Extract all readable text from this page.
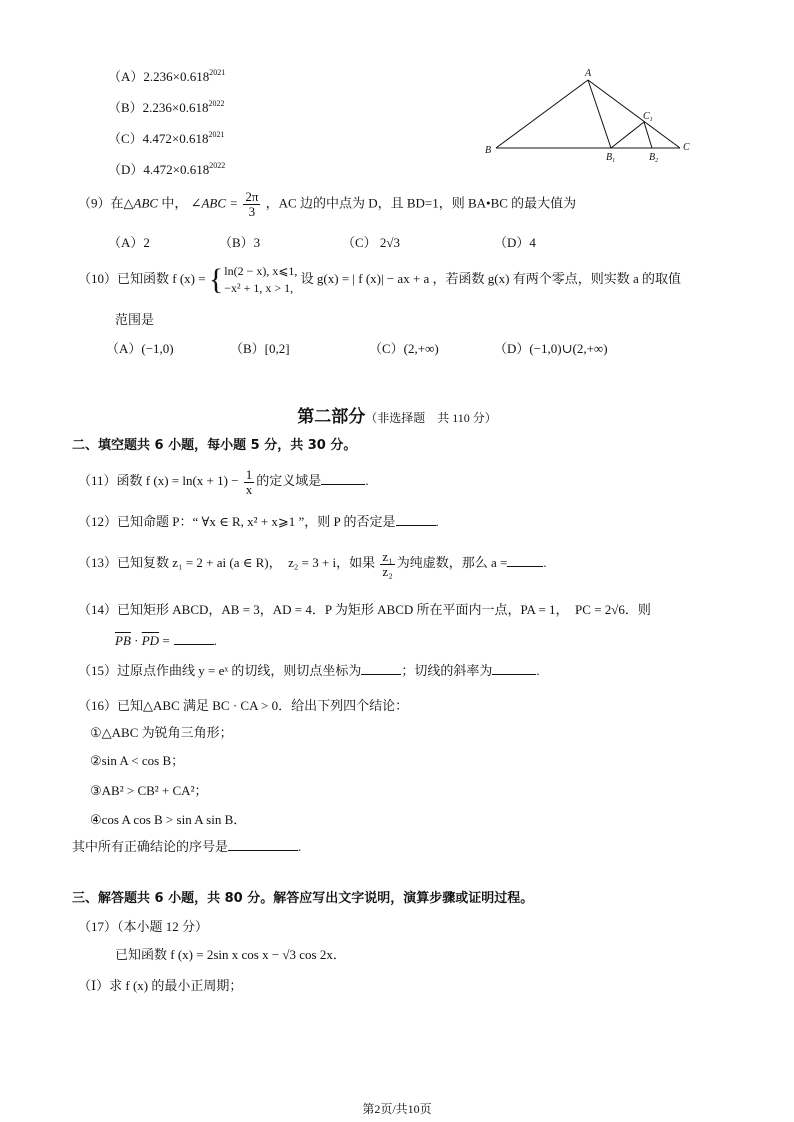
$(A)2.236\times 0.618^{2021}$
$(B)2.236\times 0.618^{2022}$
$(C)4.472\times 0.618^{2021}$
$(D)4.472\times 0.618^{2022}$
A
B	C
$C_1$
$B_1$	$B_2$
（9）在△ABC 中， ∠ABC = $\frac{2\pi}{3}$ ，AC 边的中点为 D，且 BD=1，则 BA•BC 的最大值为
（A）2	（B）3	（C） 2√3	（D）4
（10）已知函数 f (x) = { ln(2 − x), x⩽1,
−x² + 1, x > 1,
设 g(x) = | f (x)| − ax + a ，若函数 g(x) 有两个零点，则实数 a 的取值
范围是
（A）(−1,0)	（B）[0,2]	（C）(2,+∞)	（D）(−1,0)∪(2,+∞)
第二部分（非选择题　共 110 分）
二、填空题共 6 小题，每小题 5 分，共 30 分。
（11）函数 f $(x) = \ln(x + 1) - \frac{1}{x}$ 的定义域是	.
（12）已知命题 P：“ ∀x ∈ R, x² + x⩾1 ”，则 P 的否定是	.
（13）已知复数 z₁ = 2 + ai (a ∈ R)，　z₂ = 3 + i，如果 $\frac{\text{z₁}}{\text{z₂}}$ 为纯虚数，那么 a =	.
（14）已知矩形 ABCD，AB = 3，AD = 4．P 为矩形 ABCD 所在平面内一点，PA = 1，　PC = 2√6．则
$\overline{PB} \cdot \overline{PD}$ =	.
（15）过原点作曲线 y = eˣ 的切线，则切点坐标为	；切线的斜率为	.
（16）已知△ABC 满足 BC · CA > 0．给出下列四个结论：
①△ABC 为锐角三角形；
②sin A < cos B；
③AB² > CB² + CA²；
④cos A cos B > sin A sin B．
其中所有正确结论的序号是	.
三、解答题共 6 小题，共 80 分。解答应写出文字说明，演算步骤或证明过程。
（17）（本小题 12 分）
已知函数 f (x) = 2sin x cos x − √3 cos 2x．
（Ⅰ）求 f (x) 的最小正周期；
第2页/共10页
